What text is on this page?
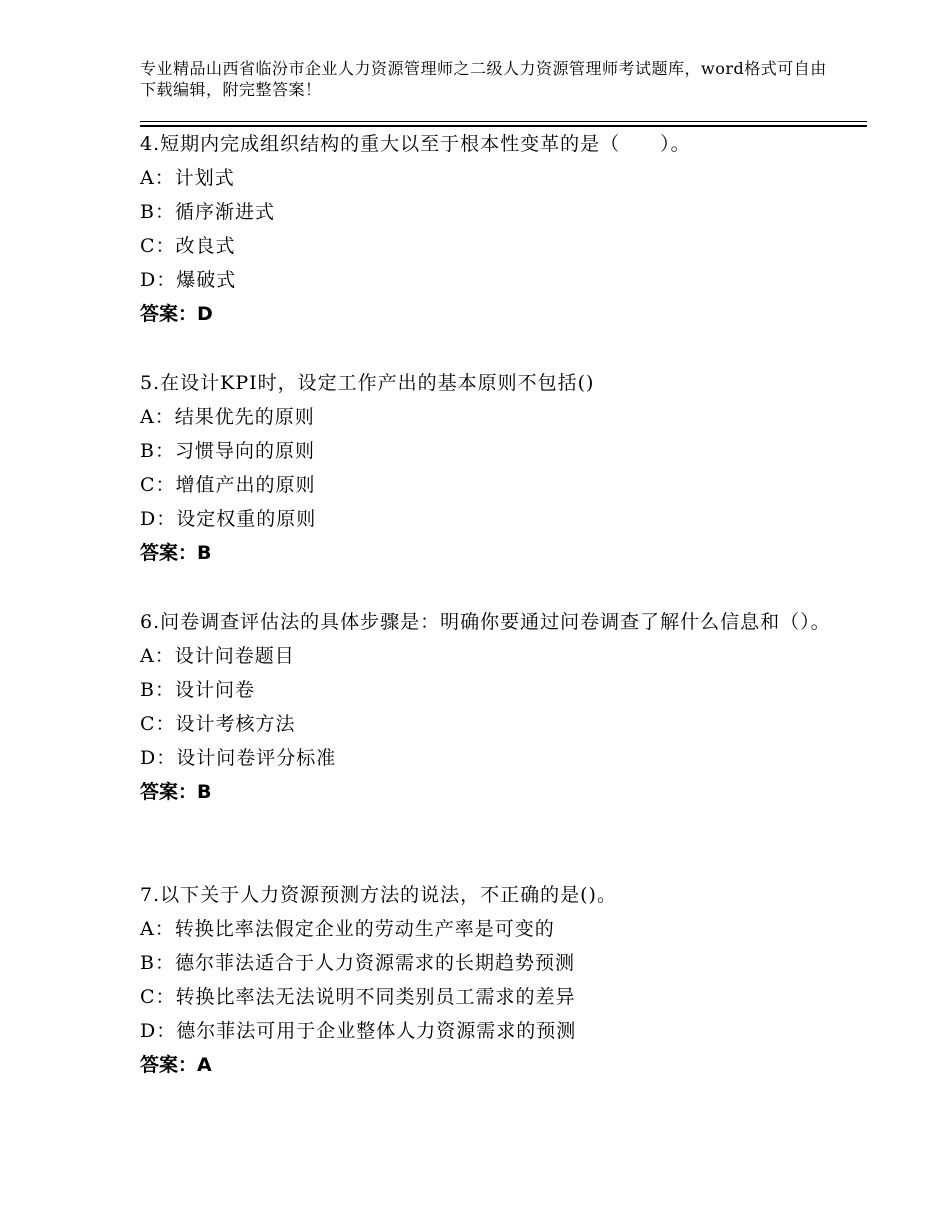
专业精品山西省临汾市企业人力资源管理师之二级人力资源管理师考试题库，word格式可自由下载编辑，附完整答案！

4.短期内完成组织结构的重大以至于根本性变革的是（　　）。

A：计划式

B：循序渐进式

C：改良式

D：爆破式

答案：D

5.在设计KPI时，设定工作产出的基本原则不包括()

A：结果优先的原则

B：习惯导向的原则

C：增值产出的原则

D：设定权重的原则

答案：B

6.问卷调查评估法的具体步骤是：明确你要通过问卷调查了解什么信息和（）。

A：设计问卷题目

B：设计问卷

C：设计考核方法

D：设计问卷评分标准

答案：B

7.以下关于人力资源预测方法的说法，不正确的是()。

A：转换比率法假定企业的劳动生产率是可变的

B：德尔菲法适合于人力资源需求的长期趋势预测

C：转换比率法无法说明不同类别员工需求的差异

D：德尔菲法可用于企业整体人力资源需求的预测

答案：A
